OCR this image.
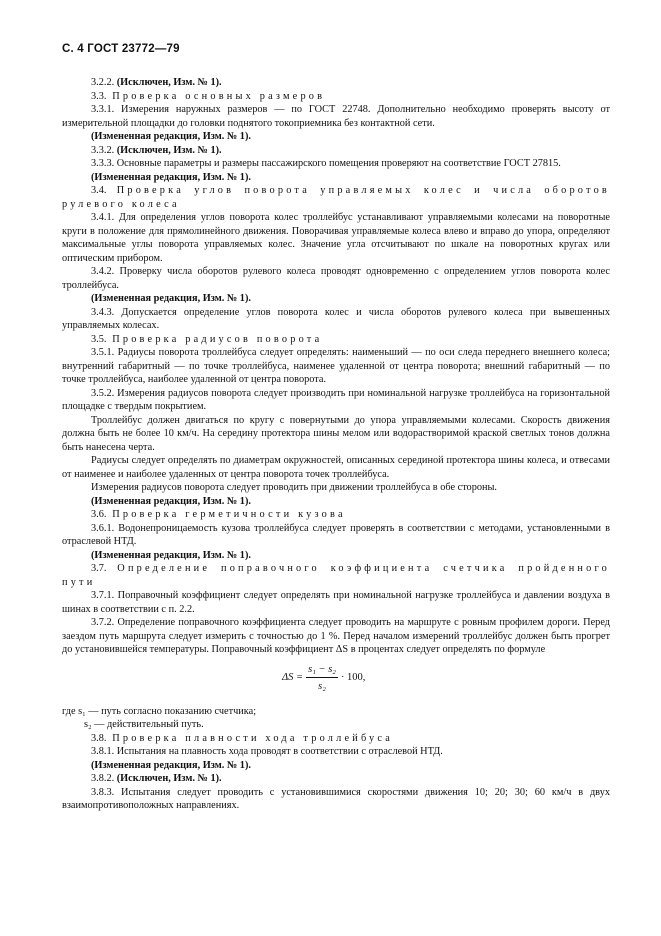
С. 4 ГОСТ 23772—79

3.2.2. (Исключен, Изм. № 1).

3.3. Проверка основных размеров

3.3.1. Измерения наружных размеров — по ГОСТ 22748. Дополнительно необходимо проверять высоту от измерительной площадки до головки поднятого токоприемника без контактной сети.

(Измененная редакция, Изм. № 1).

3.3.2. (Исключен, Изм. № 1).

3.3.3. Основные параметры и размеры пассажирского помещения проверяют на соответствие ГОСТ 27815.

(Измененная редакция, Изм. № 1).

3.4. Проверка углов поворота управляемых колес и числа оборотов рулевого колеса

3.4.1. Для определения углов поворота колес троллейбус устанавливают управляемыми колесами на поворотные круги в положение для прямолинейного движения. Поворачивая управляемые колеса влево и вправо до упора, определяют максимальные углы поворота управляемых колес. Значение угла отсчитывают по шкале на поворотных кругах или оптическим прибором.

3.4.2. Проверку числа оборотов рулевого колеса проводят одновременно с определением углов поворота колес троллейбуса.

(Измененная редакция, Изм. № 1).

3.4.3. Допускается определение углов поворота колес и числа оборотов рулевого колеса при вывешенных управляемых колесах.

3.5. Проверка радиусов поворота

3.5.1. Радиусы поворота троллейбуса следует определять: наименьший — по оси следа переднего внешнего колеса; внутренний габаритный — по точке троллейбуса, наименее удаленной от центра поворота; внешний габаритный — по точке троллейбуса, наиболее удаленной от центра поворота.

3.5.2. Измерения радиусов поворота следует производить при номинальной нагрузке троллейбуса на горизонтальной площадке с твердым покрытием.

Троллейбус должен двигаться по кругу с повернутыми до упора управляемыми колесами. Скорость движения должна быть не более 10 км/ч. На середину протектора шины мелом или водорастворимой краской светлых тонов должна быть нанесена черта.

Радиусы следует определять по диаметрам окружностей, описанных серединой протектора шины колеса, и отвесами от наименее и наиболее удаленных от центра поворота точек троллейбуса.

Измерения радиусов поворота следует проводить при движении троллейбуса в обе стороны.

(Измененная редакция, Изм. № 1).

3.6. Проверка герметичности кузова

3.6.1. Водонепроницаемость кузова троллейбуса следует проверять в соответствии с методами, установленными в отраслевой НТД.

(Измененная редакция, Изм. № 1).

3.7. Определение поправочного коэффициента счетчика пройденного пути

3.7.1. Поправочный коэффициент следует определять при номинальной нагрузке троллейбуса и давлении воздуха в шинах в соответствии с п. 2.2.

3.7.2. Определение поправочного коэффициента следует проводить на маршруте с ровным профилем дороги. Перед заездом путь маршрута следует измерить с точностью до 1 %. Перед началом измерений троллейбус должен быть прогрет до установившейся температуры. Поправочный коэффициент ΔS в процентах следует определять по формуле

$\Delta S = \frac{\text{s₁ − s₂}}{\text{s₂}} \cdot 100$,

где s₁ — путь согласно показанию счетчика;

s₂ — действительный путь.

3.8. Проверка плавности хода троллейбуса

3.8.1. Испытания на плавность хода проводят в соответствии с отраслевой НТД.

(Измененная редакция, Изм. № 1).

3.8.2. (Исключен, Изм. № 1).

3.8.3. Испытания следует проводить с установившимися скоростями движения 10; 20; 30; 60 км/ч в двух взаимопротивоположных направлениях.
